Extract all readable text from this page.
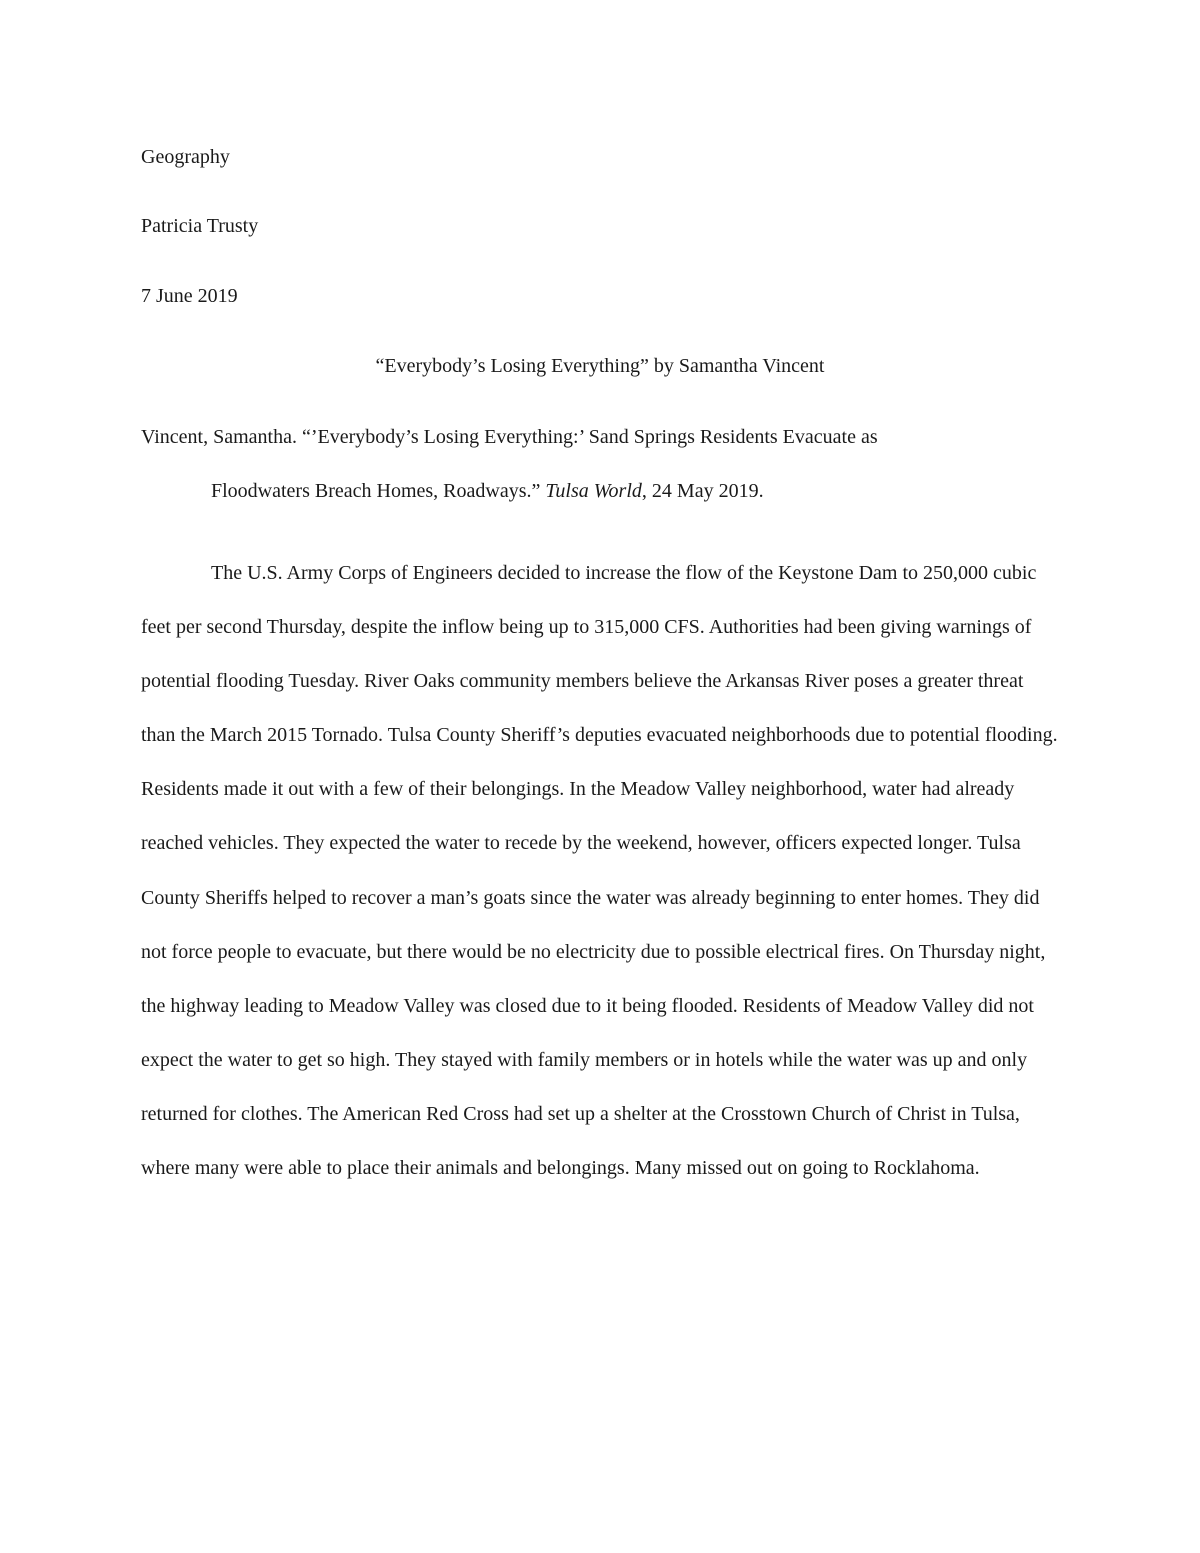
Geography
Patricia Trusty
7 June 2019
“Everybody’s Losing Everything” by Samantha Vincent
Vincent, Samantha. “’Everybody’s Losing Everything:’ Sand Springs Residents Evacuate as
Floodwaters Breach Homes, Roadways.” Tulsa World, 24 May 2019.

The U.S. Army Corps of Engineers decided to increase the flow of the Keystone Dam to 250,000 cubic feet per second Thursday, despite the inflow being up to 315,000 CFS. Authorities had been giving warnings of potential flooding Tuesday. River Oaks community members believe the Arkansas River poses a greater threat than the March 2015 Tornado. Tulsa County Sheriff’s deputies evacuated neighborhoods due to potential flooding. Residents made it out with a few of their belongings. In the Meadow Valley neighborhood, water had already reached vehicles. They expected the water to recede by the weekend, however, officers expected longer. Tulsa County Sheriffs helped to recover a man’s goats since the water was already beginning to enter homes. They did not force people to evacuate, but there would be no electricity due to possible electrical fires. On Thursday night, the highway leading to Meadow Valley was closed due to it being flooded. Residents of Meadow Valley did not expect the water to get so high. They stayed with family members or in hotels while the water was up and only returned for clothes. The American Red Cross had set up a shelter at the Crosstown Church of Christ in Tulsa, where many were able to place their animals and belongings. Many missed out on going to Rocklahoma.
